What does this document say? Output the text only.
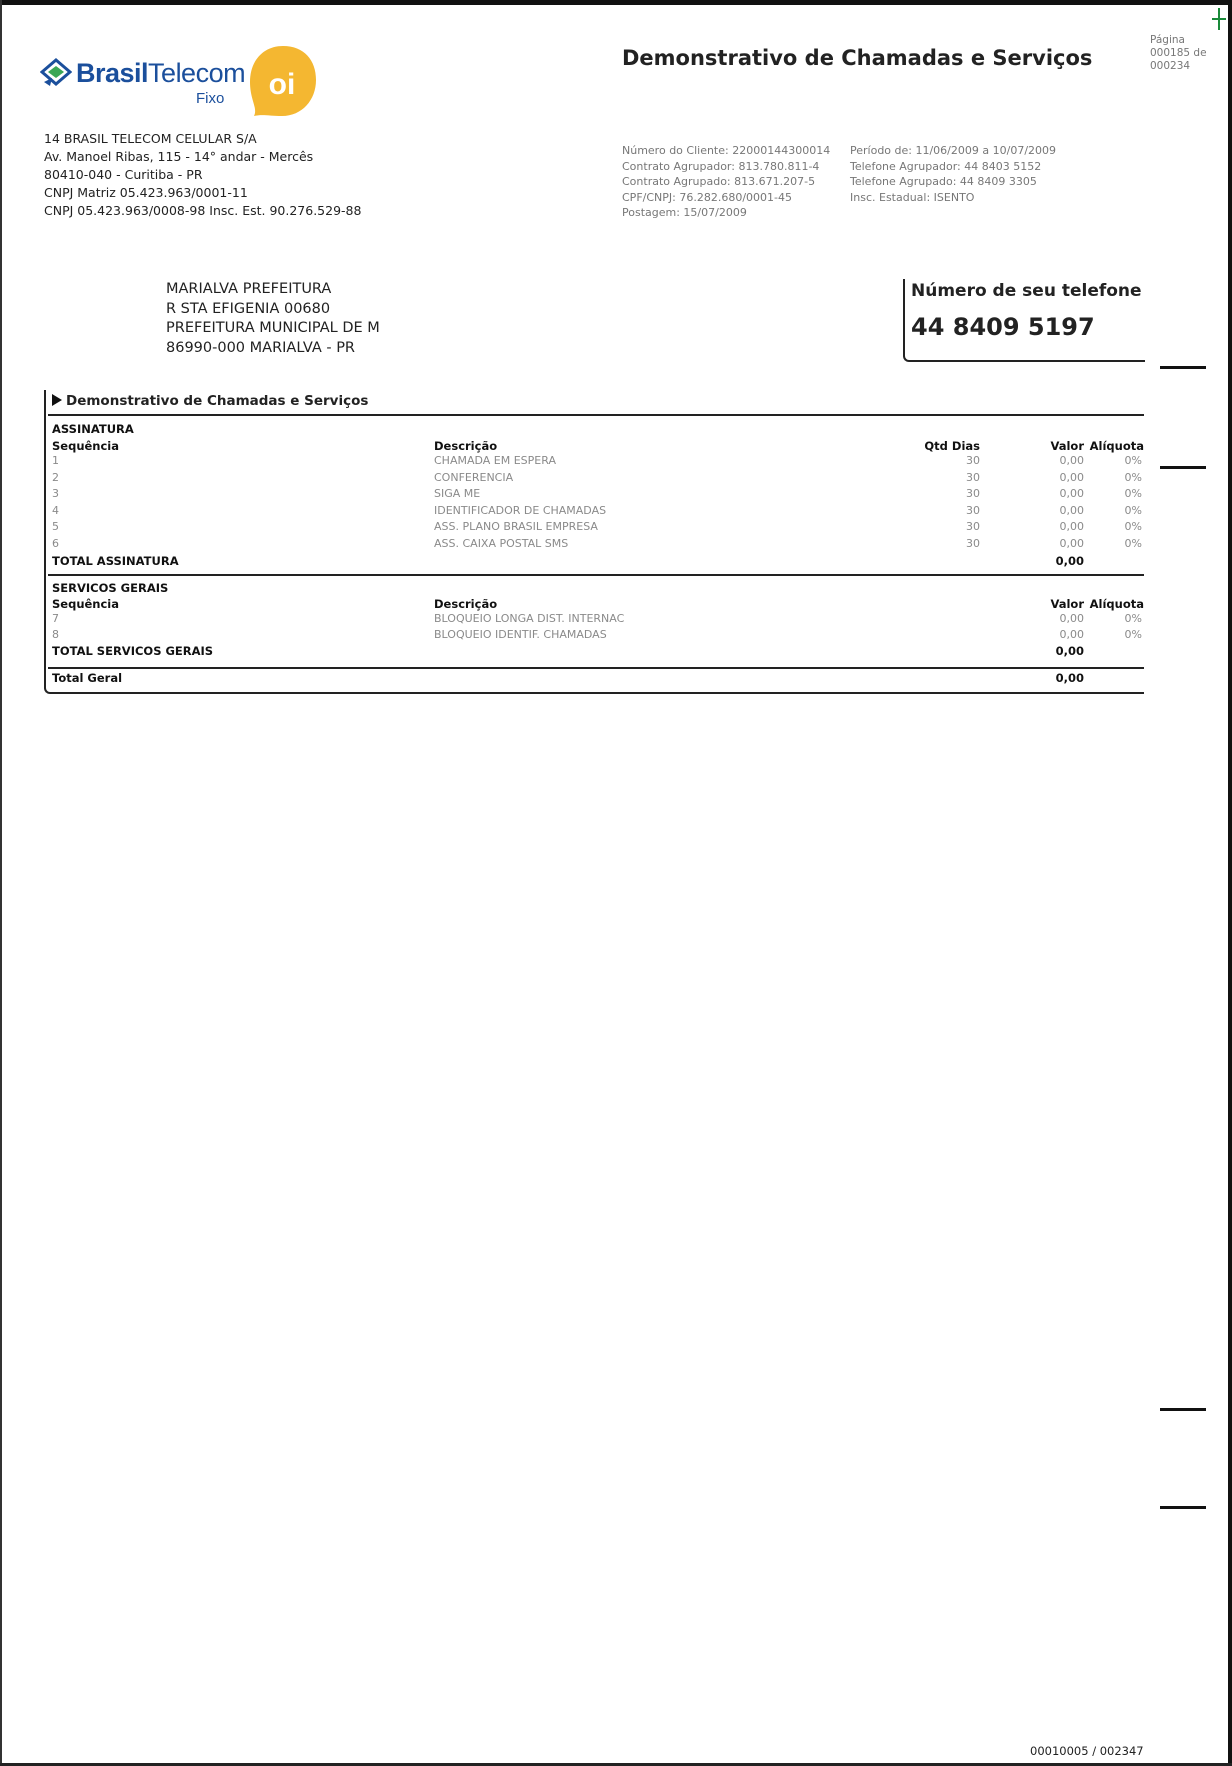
BrasilTelecom
Fixo oi
14 BRASIL TELECOM CELULAR S/A
Av. Manoel Ribas, 115 - 14° andar - Mercês
80410-040 - Curitiba - PR
CNPJ Matriz 05.423.963/0001-11
CNPJ 05.423.963/0008-98 Insc. Est. 90.276.529-88
Demonstrativo de Chamadas e Serviços
Página
000185 de
000234
Número do Cliente: 22000144300014
Contrato Agrupador: 813.780.811-4
Contrato Agrupado: 813.671.207-5
CPF/CNPJ: 76.282.680/0001-45
Postagem: 15/07/2009
Período de: 11/06/2009 a 10/07/2009
Telefone Agrupador: 44 8403 5152
Telefone Agrupado: 44 8409 3305
Insc. Estadual: ISENTO
MARIALVA PREFEITURA
R STA EFIGENIA 00680
PREFEITURA MUNICIPAL DE M
86990-000 MARIALVA - PR
Número de seu telefone
44 8409 5197
Demonstrativo de Chamadas e Serviços
ASSINATURA
Sequência	Descrição	Qtd Dias	Valor Alíquota
1	CHAMADA EM ESPERA	30	0,00	0%
2	CONFERENCIA	30	0,00	0%
3	SIGA ME	30	0,00	0%
4	IDENTIFICADOR DE CHAMADAS	30	0,00	0%
5	ASS. PLANO BRASIL EMPRESA	30	0,00	0%
6	ASS. CAIXA POSTAL SMS	30	0,00	0%
TOTAL ASSINATURA	0,00
SERVICOS GERAIS
Sequência	Descrição	Valor Alíquota
7	BLOQUEIO LONGA DIST. INTERNAC	0,00	0%
8	BLOQUEIO IDENTIF. CHAMADAS	0,00	0%
TOTAL SERVICOS GERAIS	0,00
Total Geral	0,00
00010005 / 002347
